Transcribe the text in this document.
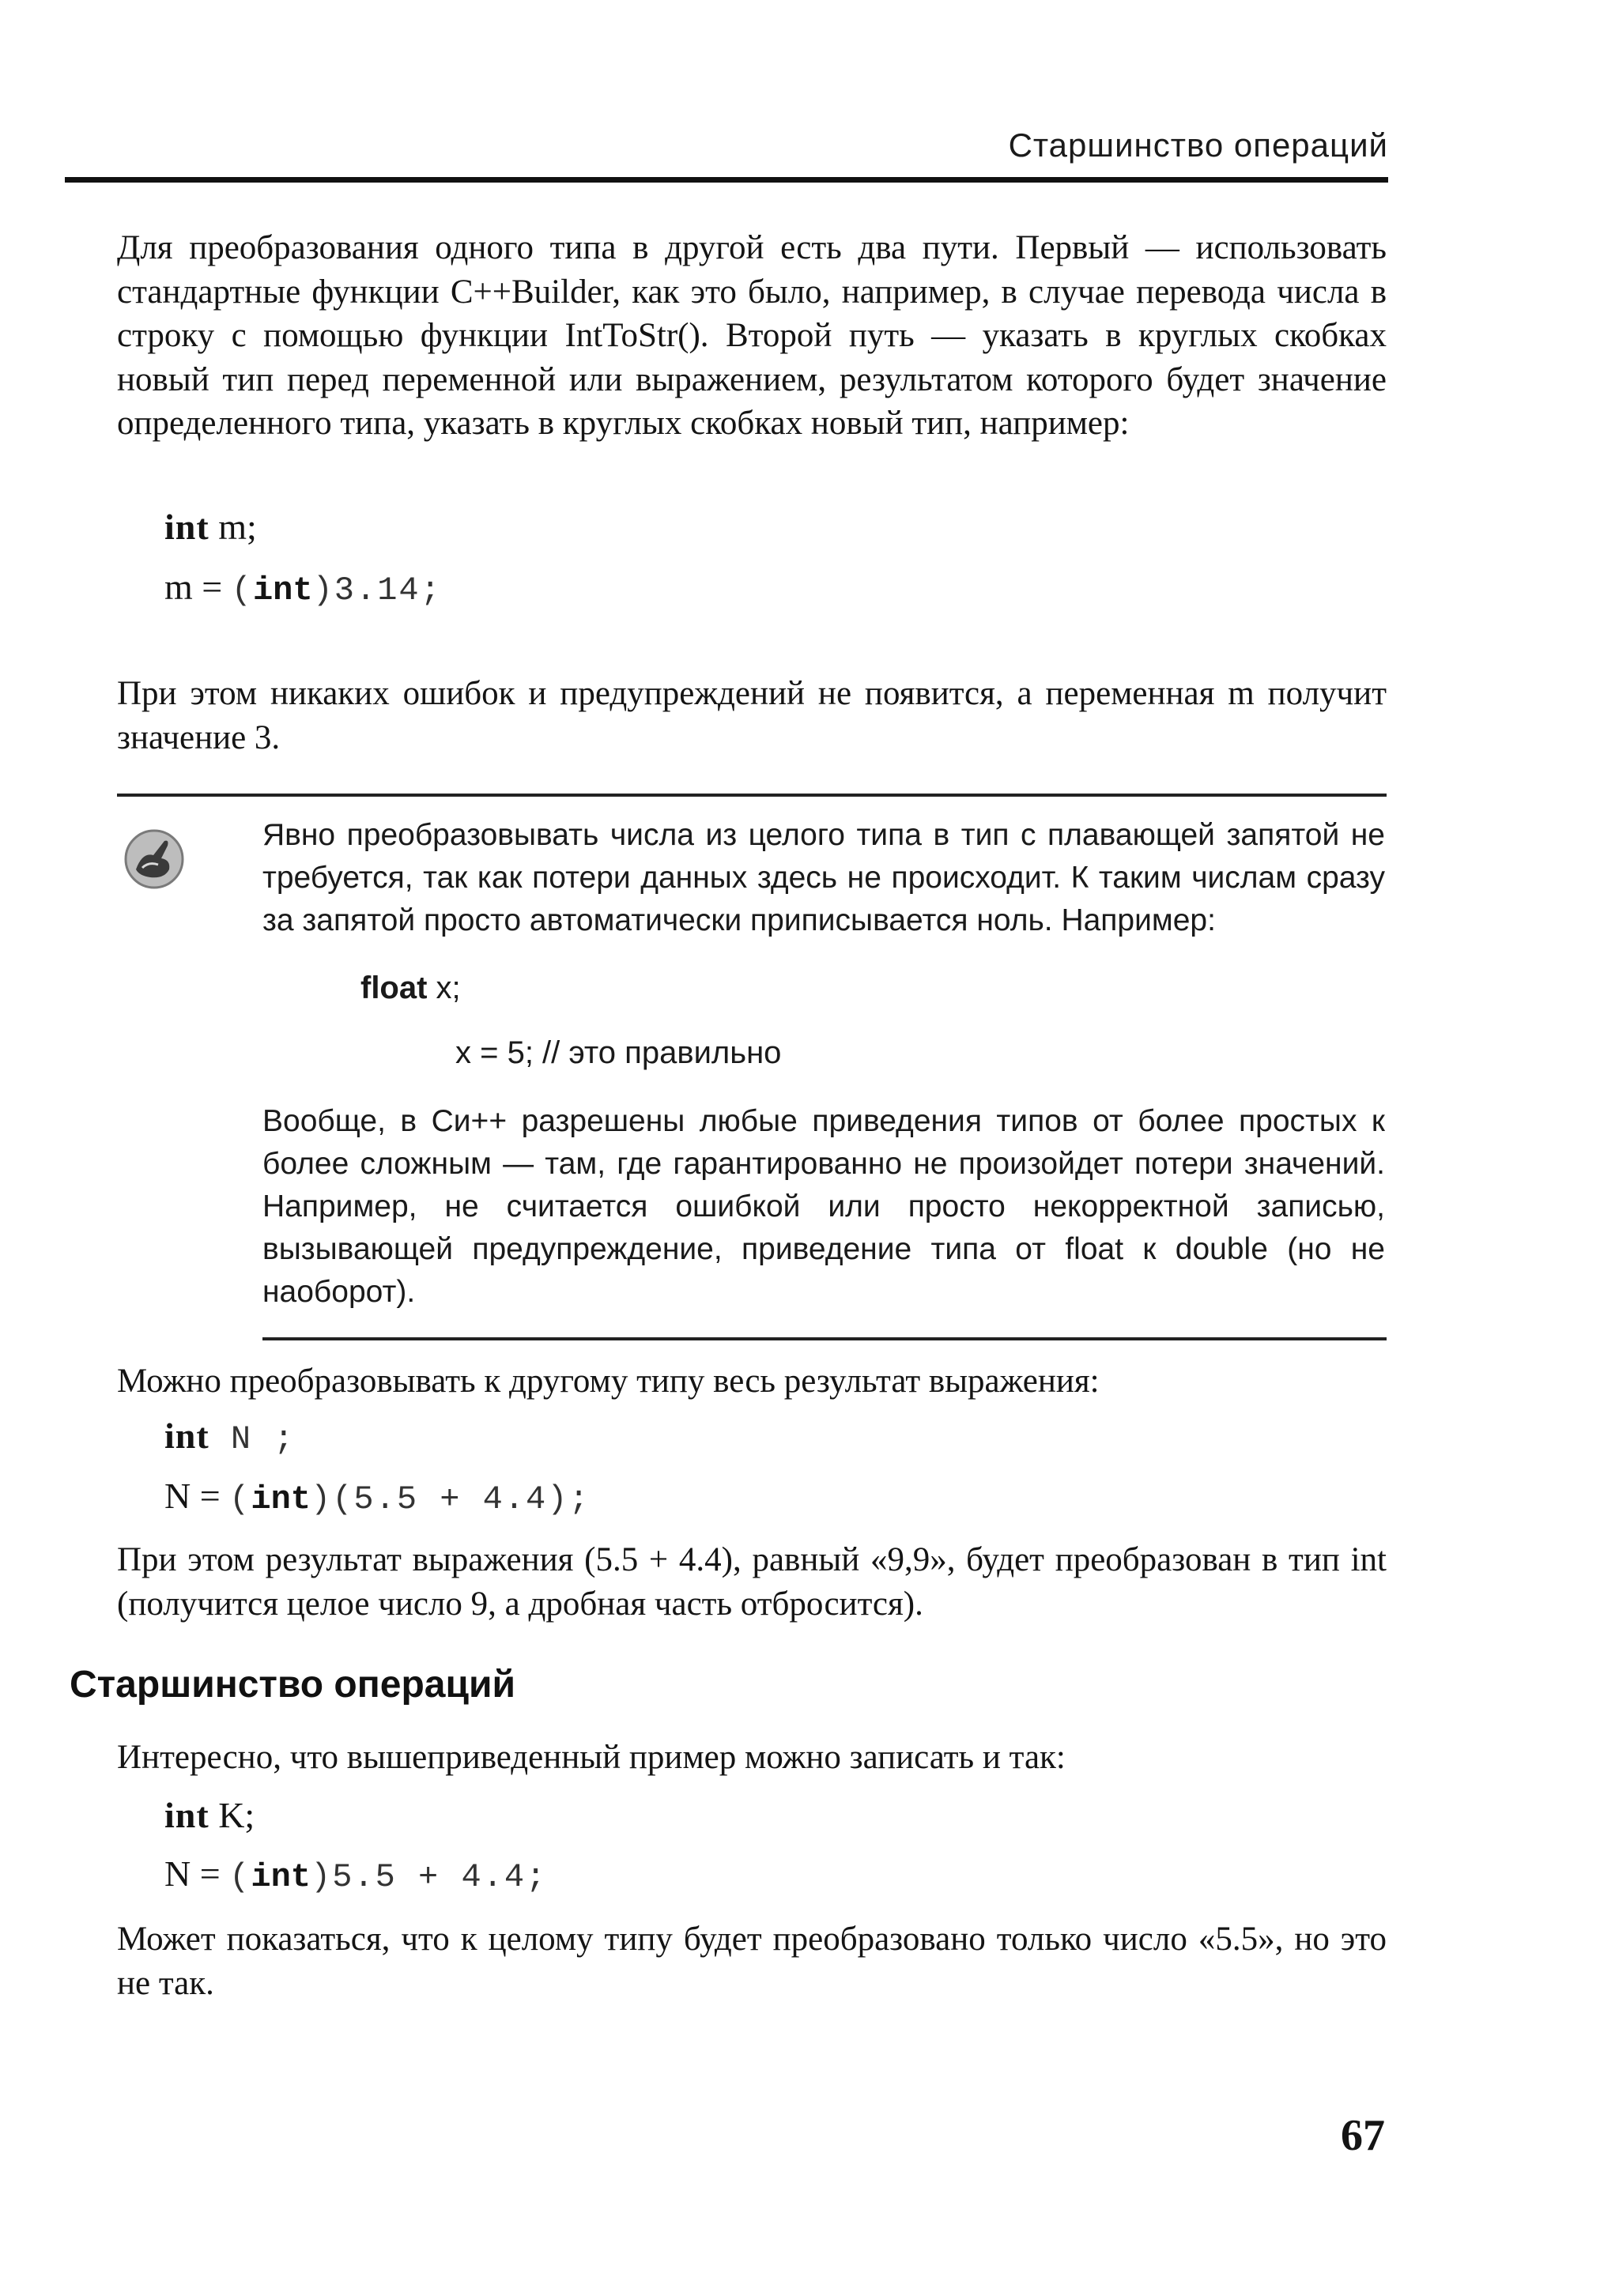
Старшинство операций

Для преобразования одного типа в другой есть два пути. Первый — использовать стандартные функции C++Builder, как это было, например, в случае перевода числа в строку с помощью функции IntToStr(). Второй путь — указать в круглых скобках новый тип перед переменной или выражением, результатом которого будет значение определенного типа, указать в круглых скобках новый тип, например:

int m;
m = (int)3.14;

При этом никаких ошибок и предупреждений не появится, а переменная m получит значение 3.

Явно преобразовывать числа из целого типа в тип с плавающей запятой не требуется, так как потери данных здесь не происходит. К таким числам сразу за запятой просто автоматически приписывается ноль. Например:

float x;
x = 5; // это правильно

Вообще, в Си++ разрешены любые приведения типов от более простых к более сложным — там, где гарантированно не произойдет потери значений. Например, не считается ошибкой или просто некорректной записью, вызывающей предупреждение, приведение типа от float к double (но не наоборот).

Можно преобразовывать к другому типу весь результат выражения:

int N ;
N = (int)(5.5 + 4.4);

При этом результат выражения (5.5 + 4.4), равный «9,9», будет преобразован в тип int (получится целое число 9, а дробная часть отбросится).

Старшинство операций

Интересно, что вышеприведенный пример можно записать и так:

int K;
N = (int)5.5 + 4.4;

Может показаться, что к целому типу будет преобразовано только число «5.5», но это не так.

67
